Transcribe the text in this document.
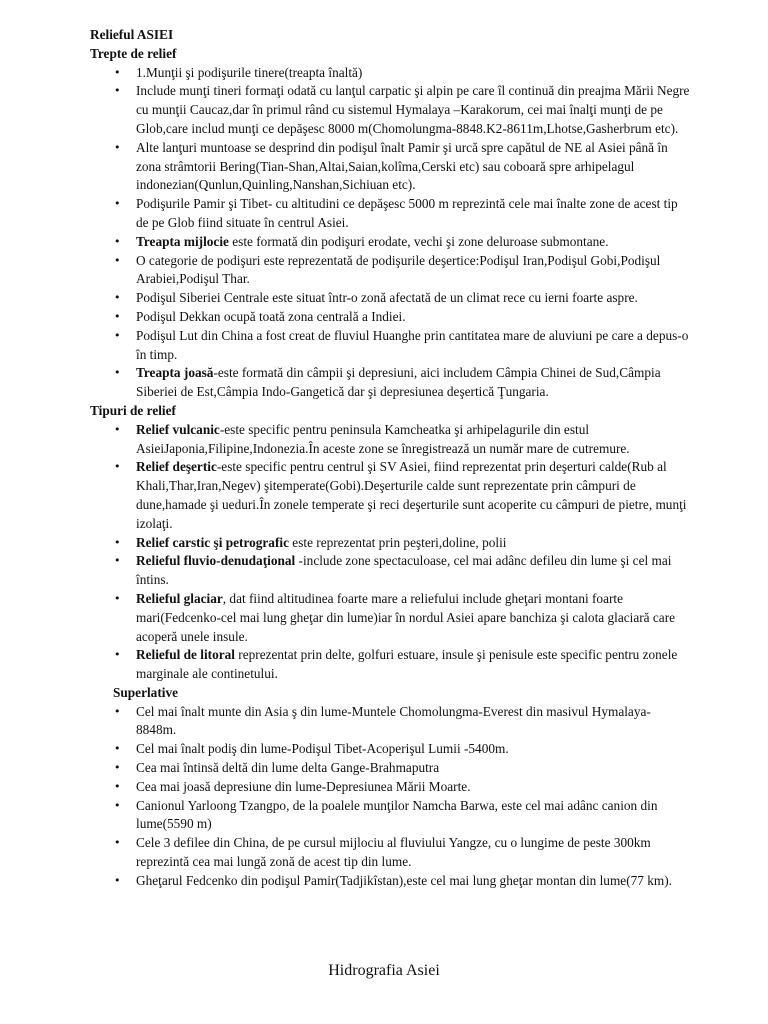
Relieful ASIEI

Trepte de relief

• 1.Munţii şi podişurile tinere(treapta înaltă)
• Include munţi tineri formaţi odată cu lanţul carpatic şi alpin pe care îl continuă din preajma Mării Negre cu munţii Caucaz,dar în primul rând cu sistemul Hymalaya –Karakorum, cei mai înalţi munţi de pe Glob,care includ munţi ce depăşesc 8000 m(Chomolungma-8848.K2-8611m,Lhotse,Gasherbrum etc).
• Alte lanţuri muntoase se desprind din podişul înalt Pamir şi urcă spre capătul de NE al Asiei până în zona strâmtorii Bering(Tian-Shan,Altai,Saian,kolîma,Cerski etc) sau coboară spre arhipelagul indonezian(Qunlun,Quinling,Nanshan,Sichiuan etc).
• Podişurile Pamir şi Tibet- cu altitudini ce depăşesc 5000 m reprezintă cele mai înalte zone de acest tip de pe Glob fiind situate în centrul Asiei.
• Treapta mijlocie este formată din podişuri erodate, vechi şi zone deluroase submontane.
• O categorie de podişuri este reprezentată de podişurile deşertice:Podişul Iran,Podişul Gobi,Podişul Arabiei,Podişul Thar.
• Podişul Siberiei Centrale este situat într-o zonă afectată de un climat rece cu ierni foarte aspre.
• Podişul Dekkan ocupă toată zona centrală a Indiei.
• Podişul Lut din China a fost creat de fluviul Huanghe prin cantitatea mare de aluviuni pe care a depus-o în timp.
• Treapta joasă-este formată din câmpii şi depresiuni, aici includem Câmpia Chinei de Sud,Câmpia Siberiei de Est,Câmpia Indo-Gangetică dar şi depresiunea deşertică Ţungaria.

Tipuri de relief

• Relief vulcanic-este specific pentru peninsula Kamcheatka şi arhipelagurile din estul AsieiJaponia,Filipine,Indonezia.În aceste zone se înregistrează un număr mare de cutremure.
• Relief deşertic-este specific pentru centrul şi SV Asiei, fiind reprezentat prin deşerturi calde(Rub al Khali,Thar,Iran,Negev) şitemperate(Gobi).Deşerturile calde sunt reprezentate prin câmpuri de dune,hamade şi ueduri.În zonele temperate şi reci deşerturile sunt acoperite cu câmpuri de pietre, munţi izolaţi.
• Relief carstic şi petrografic este reprezentat prin peşteri,doline, polii
• Relieful fluvio-denudaţional -include zone spectaculoase, cel mai adânc defileu din lume şi cel mai întins.
• Relieful glaciar, dat fiind altitudinea foarte mare a reliefului include gheţari montani foarte mari(Fedcenko-cel mai lung gheţar din lume)iar în nordul Asiei apare banchiza şi calota glaciară care acoperă unele insule.
• Relieful de litoral reprezentat prin delte, golfuri estuare, insule şi penisule este specific pentru zonele marginale ale continetului.

Superlative

• Cel mai înalt munte din Asia ş din lume-Muntele Chomolungma-Everest din masivul Hymalaya-8848m.
• Cel mai înalt podiş din lume-Podişul Tibet-Acoperişul Lumii -5400m.
• Cea mai întinsă deltă din lume delta Gange-Brahmaputra
• Cea mai joasă depresiune din lume-Depresiunea Mării Moarte.
• Canionul Yarloong Tzangpo, de la poalele munţilor Namcha Barwa, este cel mai adânc canion din lume(5590 m)
• Cele 3 defilee din China, de pe cursul mijlociu al fluviului Yangze, cu o lungime de peste 300km reprezintă cea mai lungă zonă de acest tip din lume.
• Gheţarul Fedcenko din podişul Pamir(Tadjikîstan),este cel mai lung gheţar montan din lume(77 km).
Hidrografia Asiei
